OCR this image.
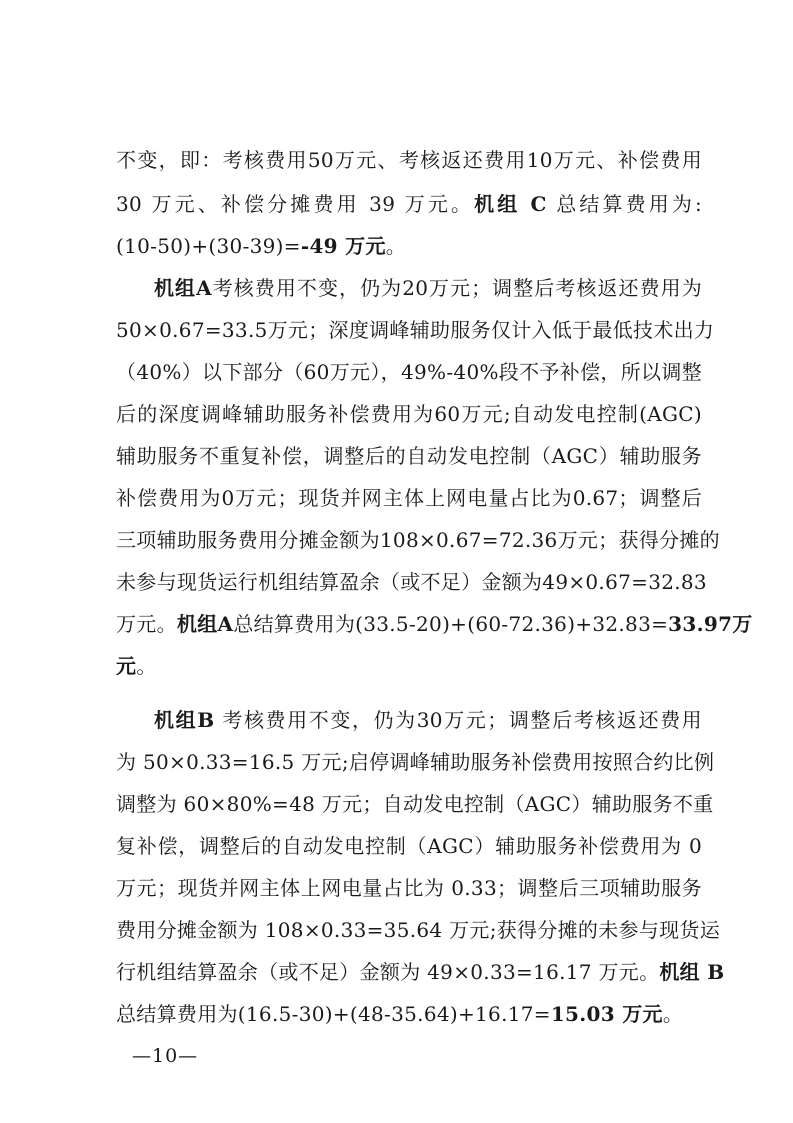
不变，即：考核费用50万元、考核返还费用10万元、补偿费用
30 万元、补偿分摊费用 39 万元。机组 C 总结算费用为:
(10-50)+(30-39)=-49 万元。
机组A考核费用不变，仍为20万元；调整后考核返还费用为
50×0.67=33.5万元；深度调峰辅助服务仅计入低于最低技术出力
（40%）以下部分（60万元），49%-40%段不予补偿，所以调整
后的深度调峰辅助服务补偿费用为60万元;自动发电控制(AGC)
辅助服务不重复补偿，调整后的自动发电控制（AGC）辅助服务
补偿费用为0万元；现货并网主体上网电量占比为0.67；调整后
三项辅助服务费用分摊金额为108×0.67=72.36万元；获得分摊的
未参与现货运行机组结算盈余（或不足）金额为49×0.67=32.83
万元。机组A总结算费用为(33.5-20)+(60-72.36)+32.83=33.97万
元。
机组B 考核费用不变，仍为30万元；调整后考核返还费用
为 50×0.33=16.5 万元;启停调峰辅助服务补偿费用按照合约比例
调整为 60×80%=48 万元；自动发电控制（AGC）辅助服务不重
复补偿，调整后的自动发电控制（AGC）辅助服务补偿费用为 0
万元；现货并网主体上网电量占比为 0.33；调整后三项辅助服务
费用分摊金额为 108×0.33=35.64 万元;获得分摊的未参与现货运
行机组结算盈余（或不足）金额为 49×0.33=16.17 万元。机组 B
总结算费用为(16.5-30)+(48-35.64)+16.17=15.03 万元。
—10—
